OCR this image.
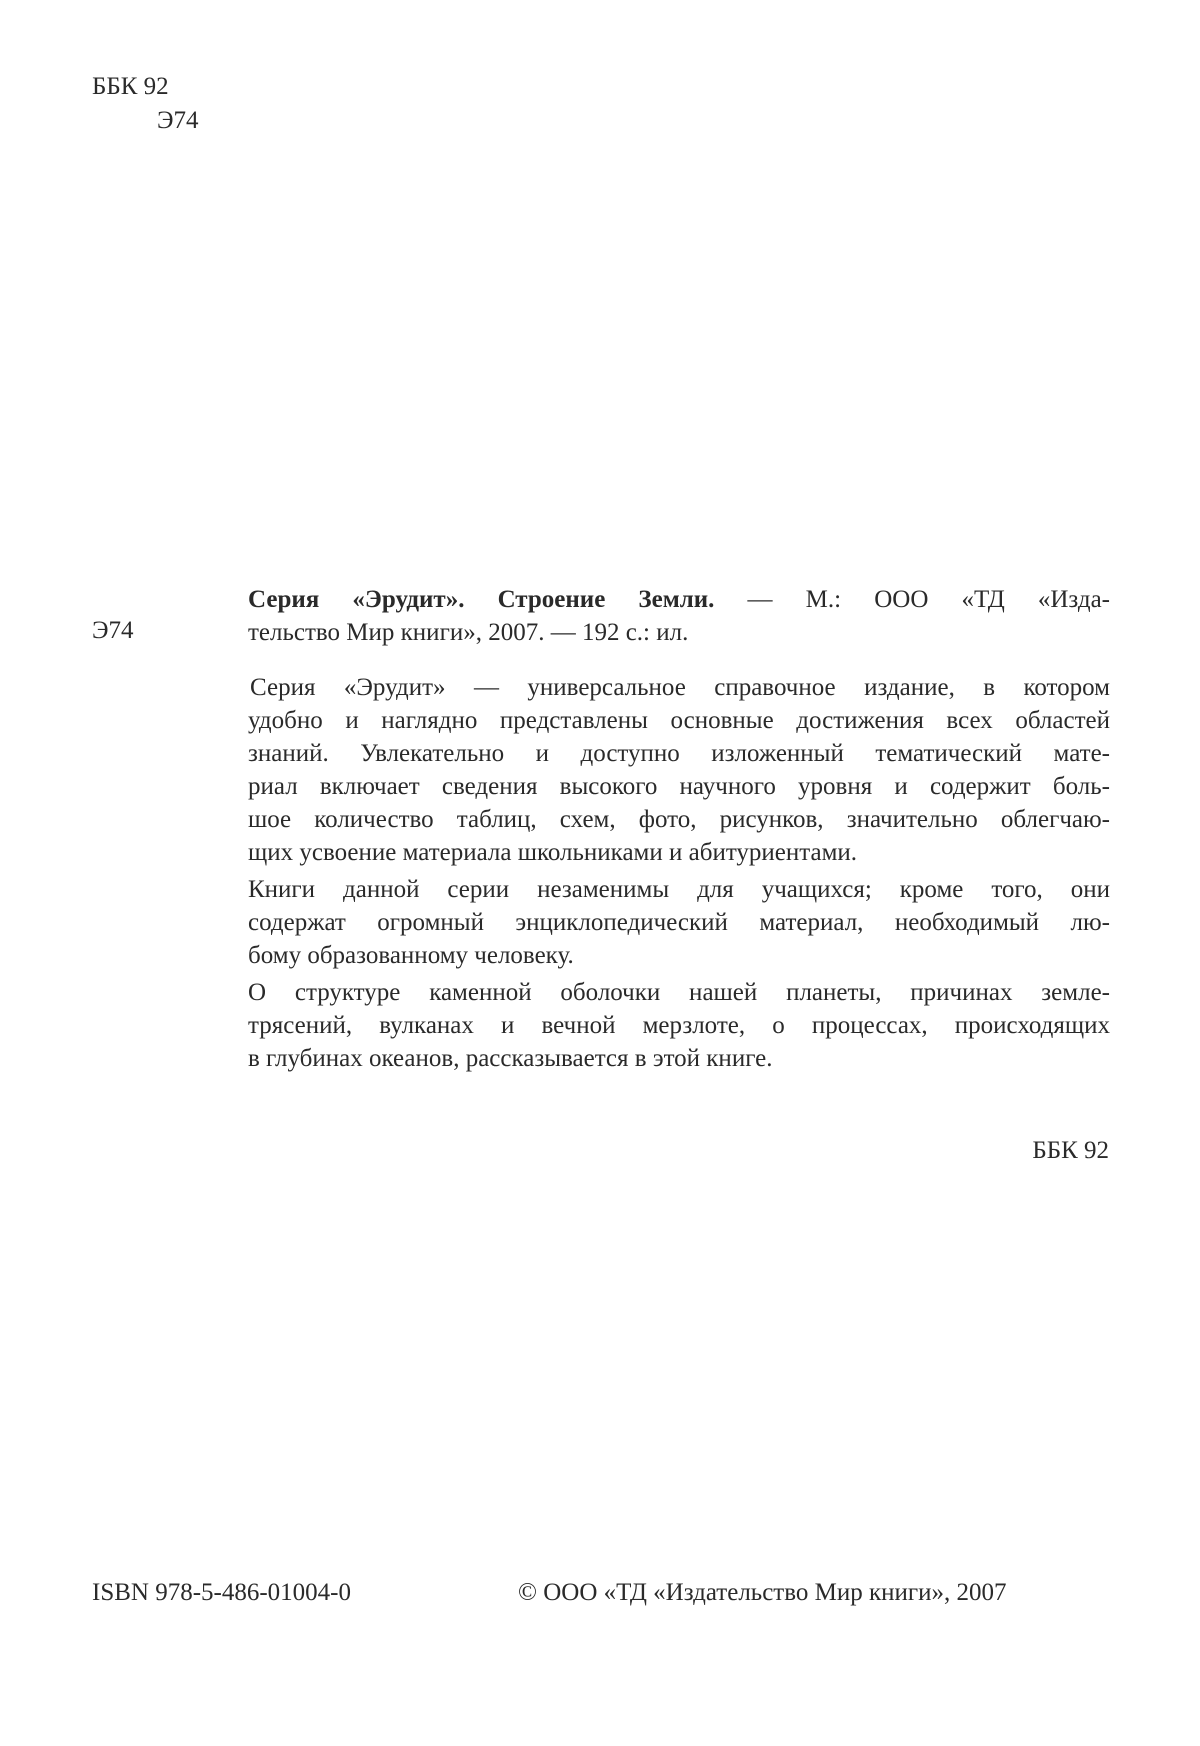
ББК 92
Э74
Э74
Серия «Эрудит». Строение Земли. — М.: ООО «ТД «Изда-
тельство Мир книги», 2007. — 192 с.: ил.
Серия «Эрудит» — универсальное справочное издание, в котором
удобно и наглядно представлены основные достижения всех областей
знаний. Увлекательно и доступно изложенный тематический мате-
риал включает сведения высокого научного уровня и содержит боль-
шое количество таблиц, схем, фото, рисунков, значительно облегчаю-
щих усвоение материала школьниками и абитуриентами.
Книги данной серии незаменимы для учащихся; кроме того, они
содержат огромный энциклопедический материал, необходимый лю-
бому образованному человеку.
О структуре каменной оболочки нашей планеты, причинах земле-
трясений, вулканах и вечной мерзлоте, о процессах, происходящих
в глубинах океанов, рассказывается в этой книге.
ББК 92
ISBN 978-5-486-01004-0	© ООО «ТД «Издательство Мир книги», 2007
